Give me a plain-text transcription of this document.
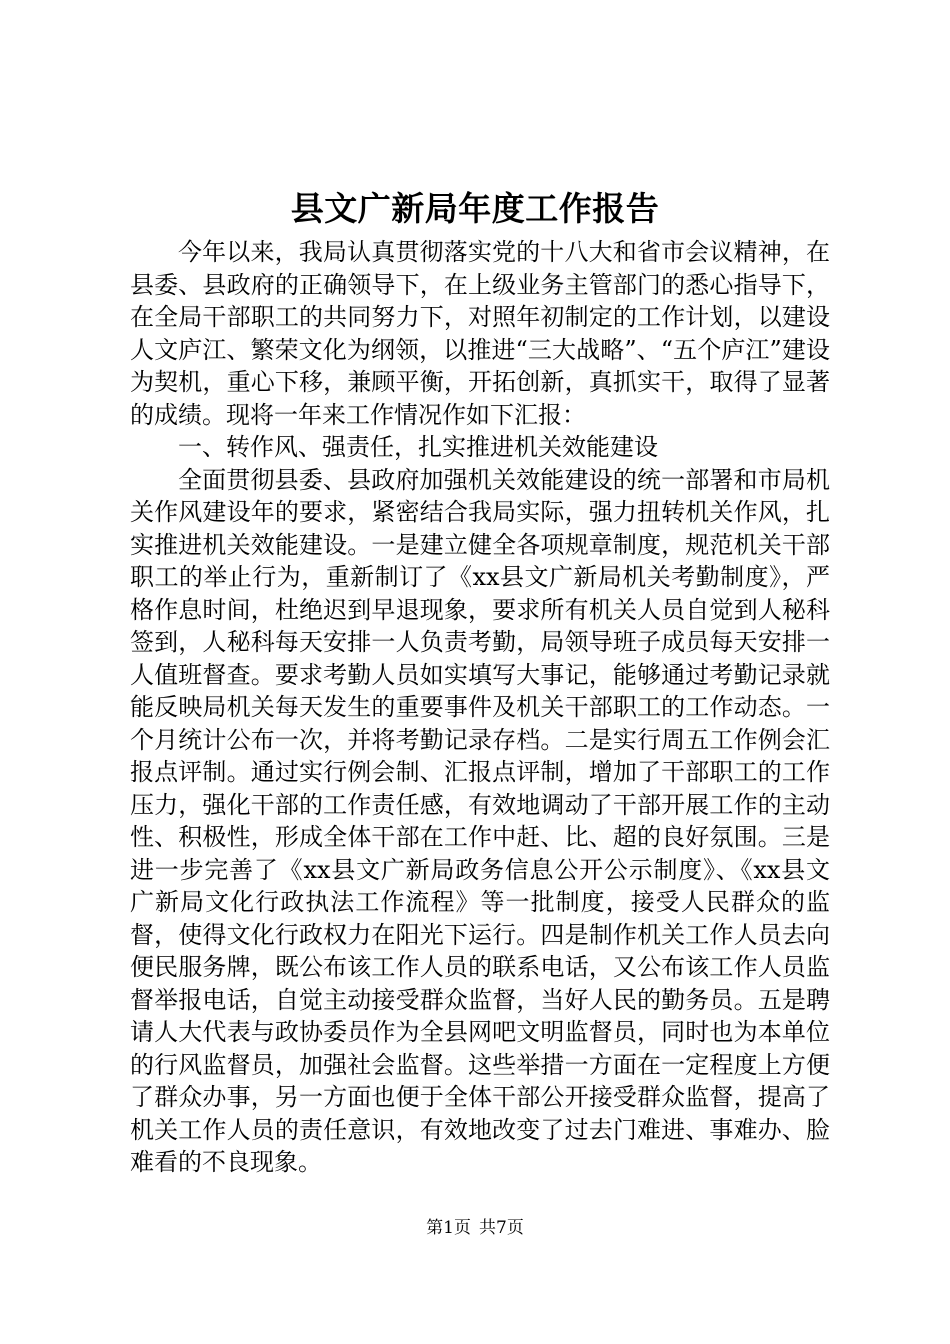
县文广新局年度工作报告

今年以来，我局认真贯彻落实党的十八大和省市会议精神，在县委、县政府的正确领导下，在上级业务主管部门的悉心指导下，在全局干部职工的共同努力下，对照年初制定的工作计划，以建设人文庐江、繁荣文化为纲领，以推进“三大战略”、“五个庐江”建设为契机，重心下移，兼顾平衡，开拓创新，真抓实干，取得了显著的成绩。现将一年来工作情况作如下汇报：

一、转作风、强责任，扎实推进机关效能建设

全面贯彻县委、县政府加强机关效能建设的统一部署和市局机关作风建设年的要求，紧密结合我局实际，强力扭转机关作风，扎实推进机关效能建设。一是建立健全各项规章制度，规范机关干部职工的举止行为，重新制订了《xx县文广新局机关考勤制度》，严格作息时间，杜绝迟到早退现象，要求所有机关人员自觉到人秘科签到，人秘科每天安排一人负责考勤，局领导班子成员每天安排一人值班督查。要求考勤人员如实填写大事记，能够通过考勤记录就能反映局机关每天发生的重要事件及机关干部职工的工作动态。一个月统计公布一次，并将考勤记录存档。二是实行周五工作例会汇报点评制。通过实行例会制、汇报点评制，增加了干部职工的工作压力，强化干部的工作责任感，有效地调动了干部开展工作的主动性、积极性，形成全体干部在工作中赶、比、超的良好氛围。三是进一步完善了《xx县文广新局政务信息公开公示制度》、《xx县文广新局文化行政执法工作流程》等一批制度，接受人民群众的监督，使得文化行政权力在阳光下运行。四是制作机关工作人员去向便民服务牌，既公布该工作人员的联系电话，又公布该工作人员监督举报电话，自觉主动接受群众监督，当好人民的勤务员。五是聘请人大代表与政协委员作为全县网吧文明监督员，同时也为本单位的行风监督员，加强社会监督。这些举措一方面在一定程度上方便了群众办事，另一方面也便于全体干部公开接受群众监督，提高了机关工作人员的责任意识，有效地改变了过去门难进、事难办、脸难看的不良现象。

第1页 共7页
